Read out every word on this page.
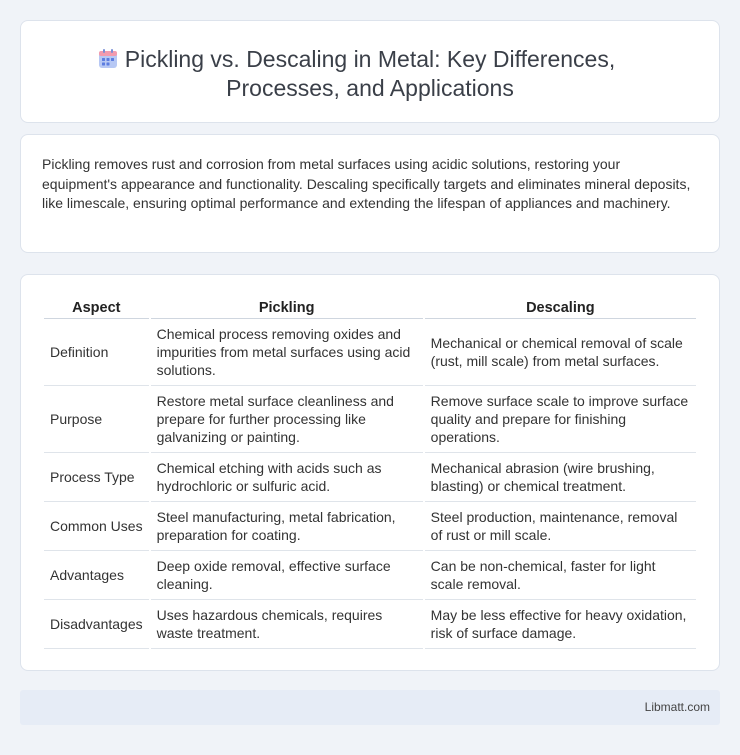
Pickling vs. Descaling in Metal: Key Differences,
Processes, and Applications

Pickling removes rust and corrosion from metal surfaces using acidic solutions, restoring your equipment's appearance and functionality. Descaling specifically targets and eliminates mineral deposits, like limescale, ensuring optimal performance and extending the lifespan of appliances and machinery.

Aspect	Pickling	Descaling
Definition	Chemical process removing oxides and impurities from metal surfaces using acid solutions.	Mechanical or chemical removal of scale (rust, mill scale) from metal surfaces.
Purpose	Restore metal surface cleanliness and prepare for further processing like galvanizing or painting.	Remove surface scale to improve surface quality and prepare for finishing operations.
Process Type	Chemical etching with acids such as hydrochloric or sulfuric acid.	Mechanical abrasion (wire brushing, blasting) or chemical treatment.
Common Uses	Steel manufacturing, metal fabrication, preparation for coating.	Steel production, maintenance, removal of rust or mill scale.
Advantages	Deep oxide removal, effective surface cleaning.	Can be non-chemical, faster for light scale removal.
Disadvantages	Uses hazardous chemicals, requires waste treatment.	May be less effective for heavy oxidation, risk of surface damage.
Libmatt.com
